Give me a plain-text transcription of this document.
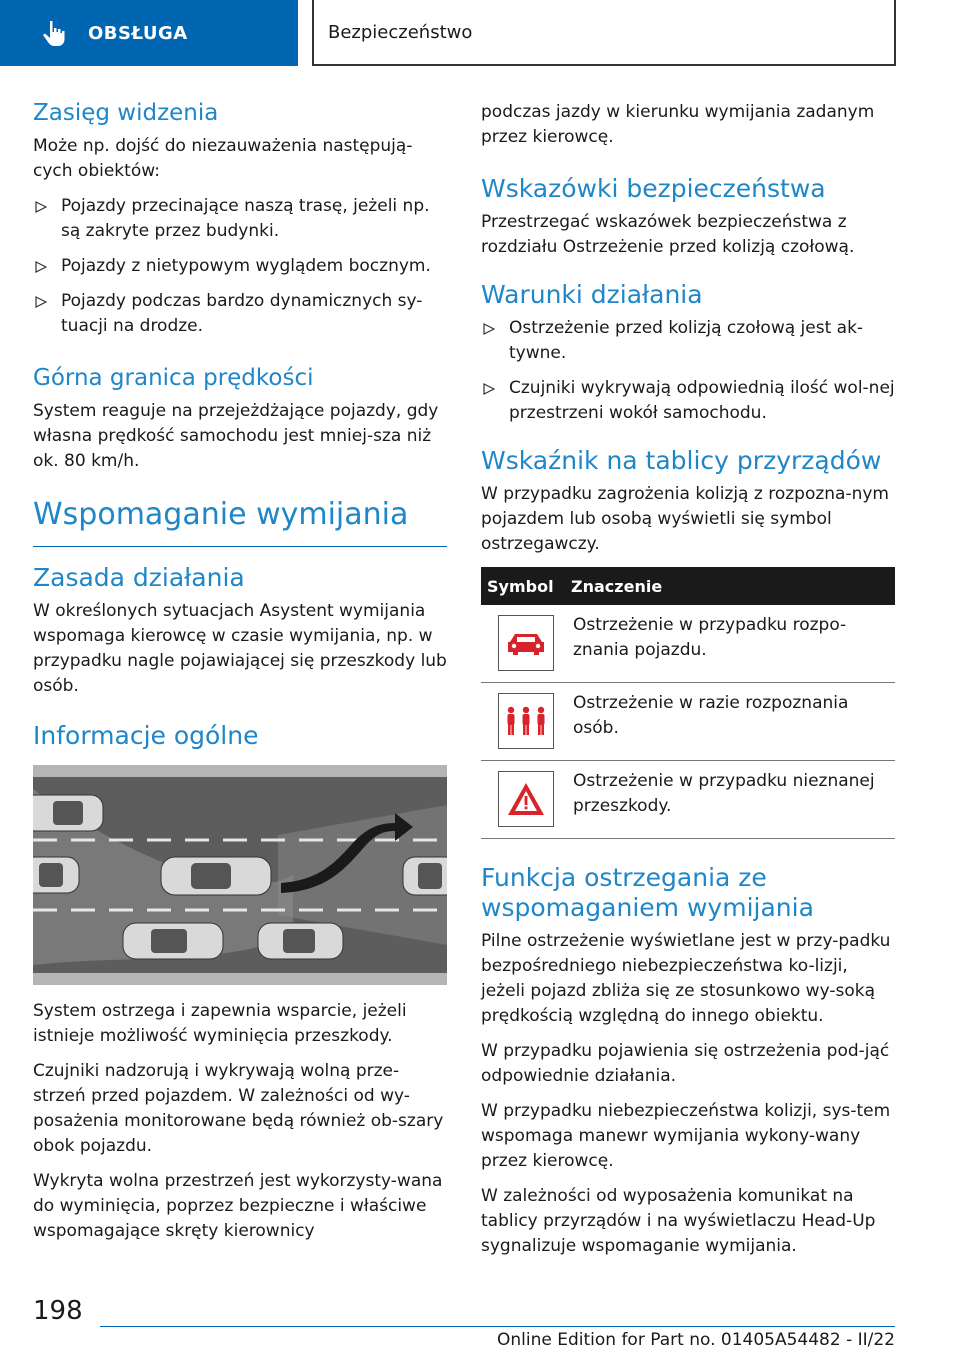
OBSŁUGA	Bezpieczeństwo
Zasięg widzenia
Może np. dojść do niezauważenia następują-cych obiektów:
Pojazdy przecinające naszą trasę, jeżeli np. są zakryte przez budynki.
Pojazdy z nietypowym wyglądem bocznym.
Pojazdy podczas bardzo dynamicznych sy-tuacji na drodze.
Górna granica prędkości
System reaguje na przejeżdżające pojazdy, gdy własna prędkość samochodu jest mniej-sza niż ok. 80 km/h.
Wspomaganie wymijania
Zasada działania
W określonych sytuacjach Asystent wymijania wspomaga kierowcę w czasie wymijania, np. w przypadku nagle pojawiającej się przeszkody lub osób.
Informacje ogólne
System ostrzega i zapewnia wsparcie, jeżeli istnieje możliwość wyminięcia przeszkody.
Czujniki nadzorują i wykrywają wolną prze-strzeń przed pojazdem. W zależności od wy-posażenia monitorowane będą również ob-szary obok pojazdu.
Wykryta wolna przestrzeń jest wykorzysty-wana do wyminięcia, poprzez bezpieczne i właściwe wspomagające skręty kierownicy
podczas jazdy w kierunku wymijania zadanym przez kierowcę.
Wskazówki bezpieczeństwa
Przestrzegać wskazówek bezpieczeństwa z rozdziału Ostrzeżenie przed kolizją czołową.
Warunki działania
Ostrzeżenie przed kolizją czołową jest ak-tywne.
Czujniki wykrywają odpowiednią ilość wol-nej przestrzeni wokół samochodu.
Wskaźnik na tablicy przyrządów
W przypadku zagrożenia kolizją z rozpozna-nym pojazdem lub osobą wyświetli się symbol ostrzegawczy.
Symbol	Znaczenie
Ostrzeżenie w przypadku rozpo-znania pojazdu.
Ostrzeżenie w razie rozpoznania osób.
Ostrzeżenie w przypadku nieznanej przeszkody.
Funkcja ostrzegania ze wspomaganiem wymijania
Pilne ostrzeżenie wyświetlane jest w przy-padku bezpośredniego niebezpieczeństwa ko-lizji, jeżeli pojazd zbliża się ze stosunkowo wy-soką prędkością względną do innego obiektu.
W przypadku pojawienia się ostrzeżenia pod-jąć odpowiednie działania.
W przypadku niebezpieczeństwa kolizji, sys-tem wspomaga manewr wymijania wykony-wany przez kierowcę.
W zależności od wyposażenia komunikat na tablicy przyrządów i na wyświetlaczu Head-Up sygnalizuje wspomaganie wymijania.
198
Online Edition for Part no. 01405A54482 - II/22
